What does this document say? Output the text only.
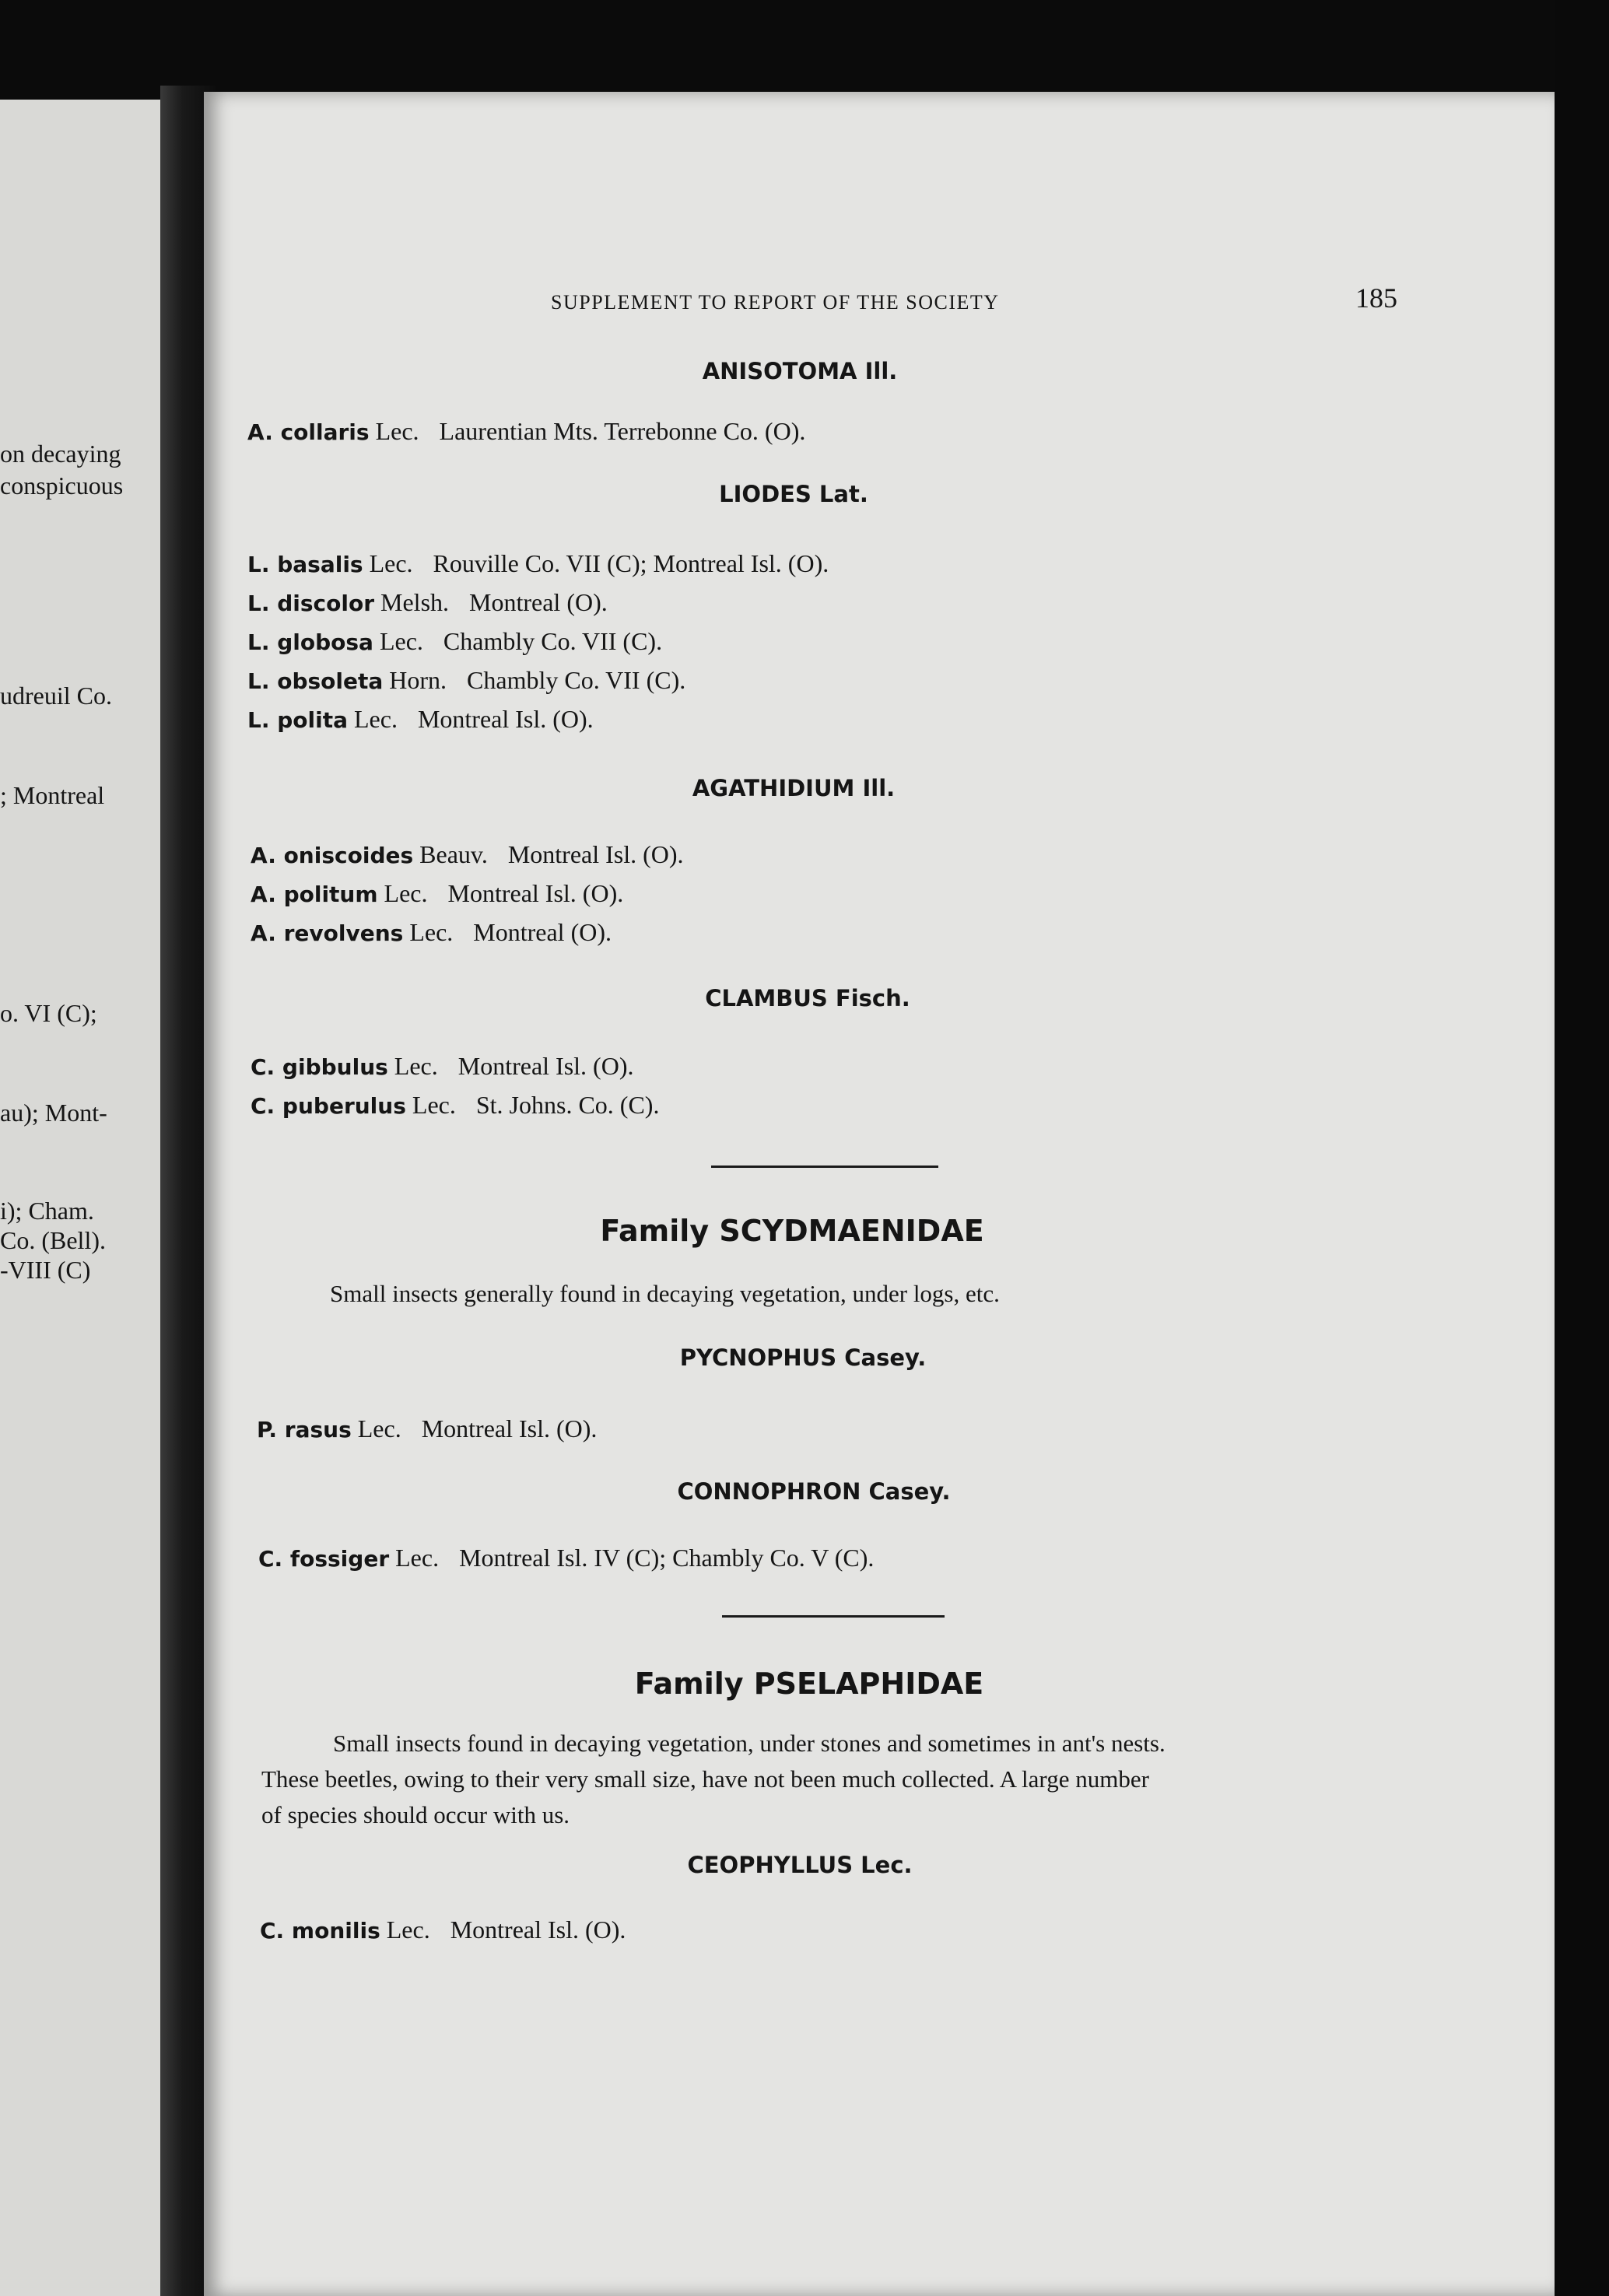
on decaying
conspicuous
udreuil Co.
; Montreal
o. VI (C);
au); Mont-
i); Cham.
Co. (Bell).
-VIII (C)
SUPPLEMENT TO REPORT OF THE SOCIETY	185
ANISOTOMA Ill.
A. collaris Lec. Laurentian Mts. Terrebonne Co. (O).
LIODES Lat.
L. basalis Lec. Rouville Co. VII (C); Montreal Isl. (O).
L. discolor Melsh. Montreal (O).
L. globosa Lec. Chambly Co. VII (C).
L. obsoleta Horn. Chambly Co. VII (C).
L. polita Lec. Montreal Isl. (O).
AGATHIDIUM Ill.
A. oniscoides Beauv. Montreal Isl. (O).
A. politum Lec. Montreal Isl. (O).
A. revolvens Lec. Montreal (O).
CLAMBUS Fisch.
C. gibbulus Lec. Montreal Isl. (O).
C. puberulus Lec. St. Johns. Co. (C).
Family SCYDMAENIDAE
Small insects generally found in decaying vegetation, under logs, etc.
PYCNOPHUS Casey.
P. rasus Lec. Montreal Isl. (O).
CONNOPHRON Casey.
C. fossiger Lec. Montreal Isl. IV (C); Chambly Co. V (C).
Family PSELAPHIDAE
Small insects found in decaying vegetation, under stones and sometimes in ant's nests.
These beetles, owing to their very small size, have not been much collected. A large number
of species should occur with us.
CEOPHYLLUS Lec.
C. monilis Lec. Montreal Isl. (O).
